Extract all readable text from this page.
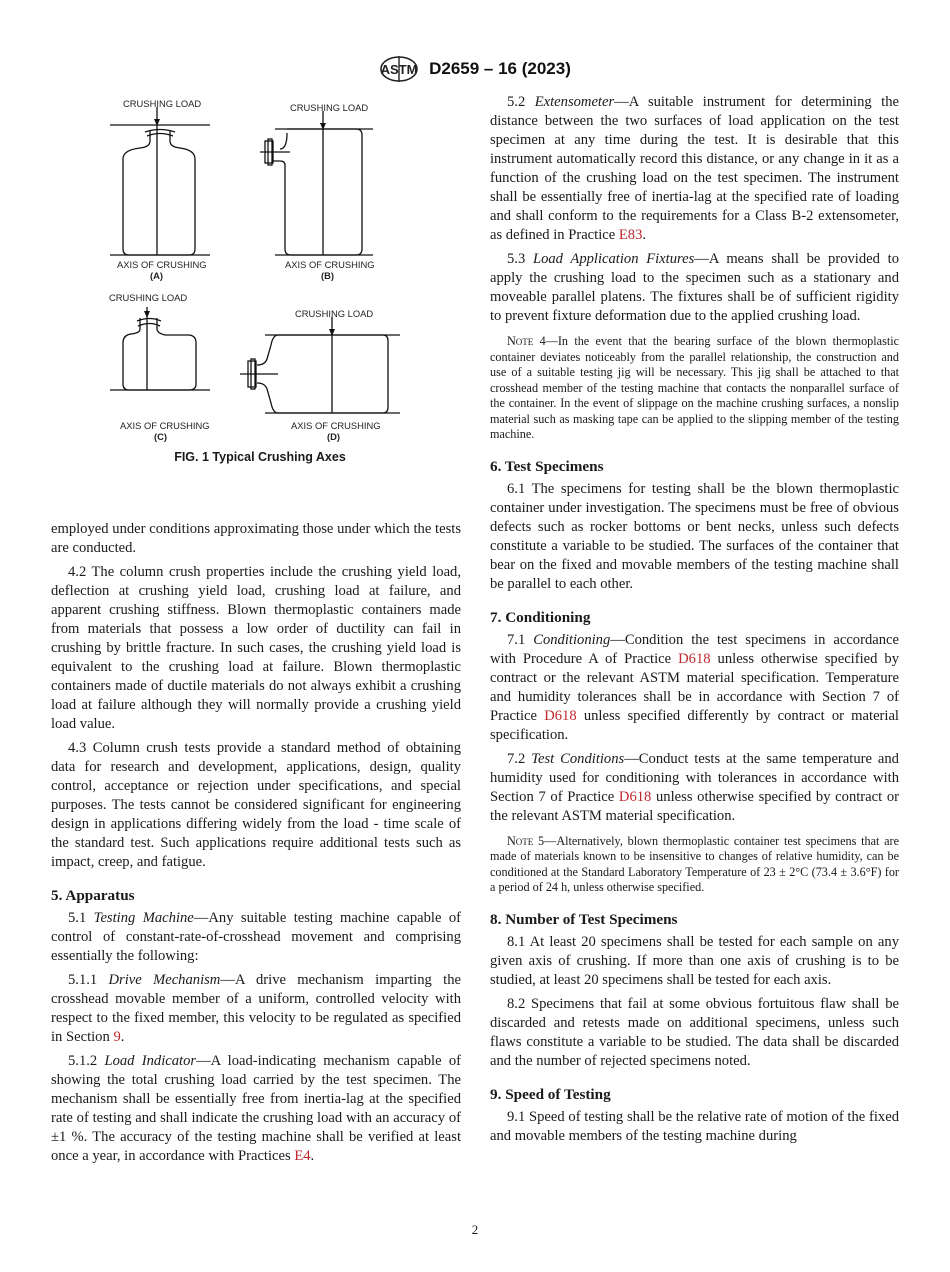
ASTM D2659 – 16 (2023)
CRUSHING LOAD
AXIS OF CRUSHING
(A)
CRUSHING LOAD
AXIS OF CRUSHING
(B)
CRUSHING LOAD
AXIS OF CRUSHING
(C)
CRUSHING LOAD
AXIS OF CRUSHING
(D)
FIG. 1 Typical Crushing Axes

employed under conditions approximating those under which the tests are conducted.

4.2 The column crush properties include the crushing yield load, deflection at crushing yield load, crushing load at failure, and apparent crushing stiffness. Blown thermoplastic containers made from materials that possess a low order of ductility can fail in crushing by brittle fracture. In such cases, the crushing yield load is equivalent to the crushing load at failure. Blown thermoplastic containers made of ductile materials do not always exhibit a crushing load at failure although they will normally provide a crushing yield load value.

4.3 Column crush tests provide a standard method of obtaining data for research and development, applications, design, quality control, acceptance or rejection under specifications, and special purposes. The tests cannot be considered significant for engineering design in applications differing widely from the load - time scale of the standard test. Such applications require additional tests such as impact, creep, and fatigue.

5. Apparatus

5.1 Testing Machine—Any suitable testing machine capable of control of constant-rate-of-crosshead movement and comprising essentially the following:

5.1.1 Drive Mechanism—A drive mechanism imparting the crosshead movable member of a uniform, controlled velocity with respect to the fixed member, this velocity to be regulated as specified in Section 9.

5.1.2 Load Indicator—A load-indicating mechanism capable of showing the total crushing load carried by the test specimen. The mechanism shall be essentially free from inertia-lag at the specified rate of testing and shall indicate the crushing load with an accuracy of ±1 %. The accuracy of the testing machine shall be verified at least once a year, in accordance with Practices E4.

5.2 Extensometer—A suitable instrument for determining the distance between the two surfaces of load application on the test specimen at any time during the test. It is desirable that this instrument automatically record this distance, or any change in it as a function of the crushing load on the test specimen. The instrument shall be essentially free of inertia-lag at the specified rate of loading and shall conform to the requirements for a Class B-2 extensometer, as defined in Practice E83.

5.3 Load Application Fixtures—A means shall be provided to apply the crushing load to the specimen such as a stationary and moveable parallel platens. The fixtures shall be of sufficient rigidity to prevent fixture deformation due to the applied crushing load.

Note 4—In the event that the bearing surface of the blown thermoplastic container deviates noticeably from the parallel relationship, the construction and use of a suitable testing jig will be necessary. This jig shall be attached to that crosshead member of the testing machine that contacts the nonparallel surface of the container. In the event of slippage on the machine crushing surfaces, a nonslip material such as masking tape can be applied to the slipping member of the testing machine.

6. Test Specimens

6.1 The specimens for testing shall be the blown thermoplastic container under investigation. The specimens must be free of obvious defects such as rocker bottoms or bent necks, unless such defects constitute a variable to be studied. The surfaces of the container that bear on the fixed and movable members of the testing machine shall be parallel to each other.

7. Conditioning

7.1 Conditioning—Condition the test specimens in accordance with Procedure A of Practice D618 unless otherwise specified by contract or the relevant ASTM material specification. Temperature and humidity tolerances shall be in accordance with Section 7 of Practice D618 unless specified differently by contract or material specification.

7.2 Test Conditions—Conduct tests at the same temperature and humidity used for conditioning with tolerances in accordance with Section 7 of Practice D618 unless otherwise specified by contract or the relevant ASTM material specification.

Note 5—Alternatively, blown thermoplastic container test specimens that are made of materials known to be insensitive to changes of relative humidity, can be conditioned at the Standard Laboratory Temperature of 23 ± 2°C (73.4 ± 3.6°F) for a period of 24 h, unless otherwise specified.

8. Number of Test Specimens

8.1 At least 20 specimens shall be tested for each sample on any given axis of crushing. If more than one axis of crushing is to be studied, at least 20 specimens shall be tested for each axis.

8.2 Specimens that fail at some obvious fortuitous flaw shall be discarded and retests made on additional specimens, unless such flaws constitute a variable to be studied. The data shall be discarded and the number of rejected specimens noted.

9. Speed of Testing

9.1 Speed of testing shall be the relative rate of motion of the fixed and movable members of the testing machine during

2
